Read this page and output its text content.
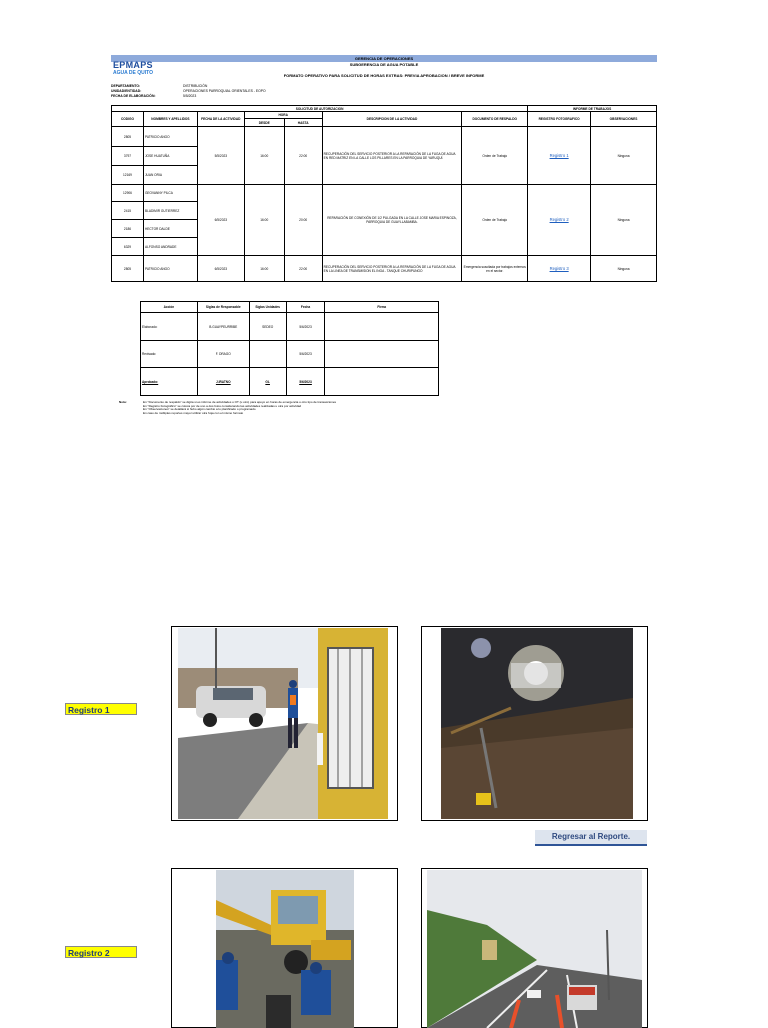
GERENCIA DE OPERACIONES
SUBGERENCIA DE AGUA POTABLE
FORMATO OPERATIVO PARA SOLICITUD DE HORAS EXTRAS: PREVIA APROBACION / BREVE INFORME
EPMAPS
AGUA DE QUITO
DEPARTAMENTO:	DISTRIBUCIÓN
UNIDAD/ENTIDAD:	OPERACIONES PARROQUIAL ORIENTALES - EOPO
FECHA DE ELABORACIÓN:	5/5/2023
SOLICITUD DE AUTORIZACION							INFORME DE TRABAJOS	
CODIGO	NOMBRES Y APELLIDOS	FECHA DE LA ACTIVIDAD	HORA		DESCRIPCION DE LA ACTIVIDAD	DOCUMENTO DE RESPALDO	REGISTRO FOTOGRAFICO	OBSERVACIONES
			DESDE	HASTA				
2805	PATRICIO ANGO	5/5/2023	16:00	22:00	RECUPERACIÓN DEL SERVICIO POSTERIOR A LA REPARACIÓN DE LA FUGA DE AGUA EN RED MATRIZ EN LA CALLE LOS PILLARES EN LA PARROQUIA DE YARUQUÍ.	Orden de Trabajo	Registro 1	Ninguna
3797	JOSE HUATUÑA							
12169	JUAN ORIA							
12906	GEOVANNY PILCA	6/5/2023	16:00	20:00	REPARACIÓN DE CONEXIÓN DE 1/2 PULGADA EN LA CALLE JOSE MARIA ESPINOZA, PARROQUIA DE GUAYLLABAMBA.	Orden de Trabajo	Registro 2	Ninguna
2415	BLADIMIR GUTIERREZ							
2186	HECTOR DALDE							
6329	ALFONSO ANDRADE							
2805	PATRICIO ANGO	6/5/2023	16:00	22:00	RECUPERACIÓN DEL SERVICIO POSTERIOR A LA REPARACIÓN DE LA FUGA DE AGUA EN LA LINEA DE TRANSMISION EL INGA - TANQUE CHURIPUNGO	Emergencia suscitada por trabajos externos en el sector.	Registro 3	Ninguna
Acción	Siglas de Responsable	Siglas Unidades	Fecha	Firma
Elaborado:	B.GUAYPEURRIBE	SEDEO	5/6/2023	
Revisado:	F. DRAGO		5/6/2023	
Aprobado:	J.IRATNO	GL	5/6/2023	
Nota:	En "Documento de respaldo" se digita si es informe de actividades u OT (u otro) para apoyo en horas de emergencia u otro tipo de transacciones
En "Registro Fotográfico" se coloca por de uno a dos fotos considerando las actividades realizadas u otra por actividad
En "Observaciones" se detallará si hubo algún cambio a lo planificado o programado
En caso de múltiples reportes mayor utilizar otra hoja con el mismo formato
Registro 1
Registro 2
Regresar al Reporte.
